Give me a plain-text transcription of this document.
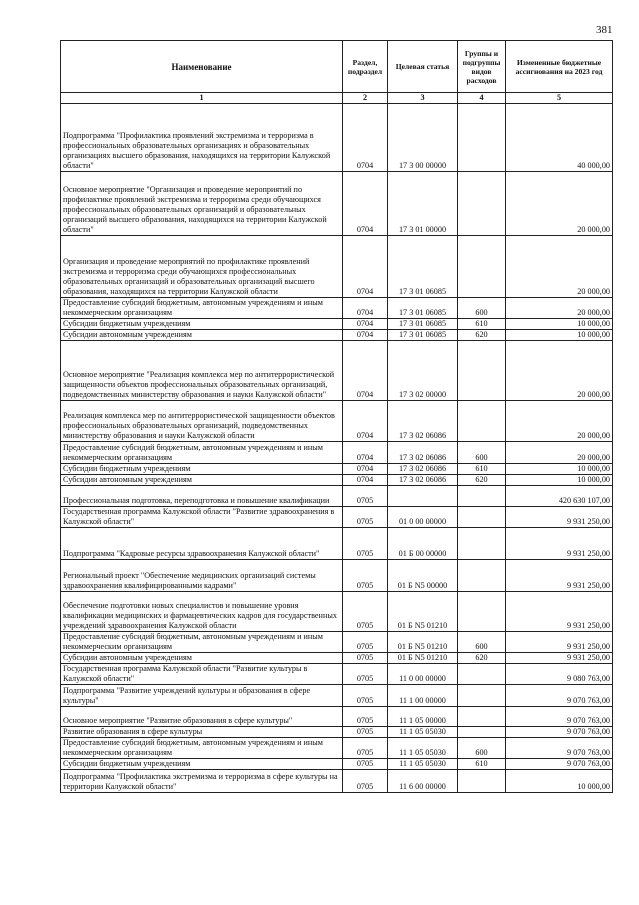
381
Наименование	Раздел, подраздел	Целевая статья	Группы и подгруппы видов расходов	Измененные бюджетные ассигнования на 2023 год
1	2	3	4	5
Подпрограмма "Профилактика проявлений экстремизма и терроризма в профессиональных образовательных организациях и образовательных организациях высшего образования, находящихся на территории Калужской области"	0704	17 3 00 00000		40 000,00
Основное мероприятие "Организация и проведение мероприятий по профилактике проявлений экстремизма и терроризма среди обучающихся профессиональных образовательных организаций и образовательных организаций высшего образования, находящихся на территории Калужской области"	0704	17 3 01 00000		20 000,00
Организация и проведение мероприятий по профилактике проявлений экстремизма и терроризма среди обучающихся профессиональных образовательных организаций и образовательных организаций высшего образования, находящихся на территории Калужской области	0704	17 3 01 06085		20 000,00
Предоставление субсидий бюджетным, автономным учреждениям и иным некоммерческим организациям	0704	17 3 01 06085	600	20 000,00
Субсидии бюджетным учреждениям	0704	17 3 01 06085	610	10 000,00
Субсидии автономным учреждениям	0704	17 3 01 06085	620	10 000,00
Основное мероприятие "Реализация комплекса мер по антитеррористической защищенности объектов профессиональных образовательных организаций, подведомственных министерству образования и науки Калужской области"	0704	17 3 02 00000		20 000,00
Реализация комплекса мер по антитеррористической защищенности объектов профессиональных образовательных организаций, подведомственных министерству образования и науки Калужской области	0704	17 3 02 06086		20 000,00
Предоставление субсидий бюджетным, автономным учреждениям и иным некоммерческим организациям	0704	17 3 02 06086	600	20 000,00
Субсидии бюджетным учреждениям	0704	17 3 02 06086	610	10 000,00
Субсидии автономным учреждениям	0704	17 3 02 06086	620	10 000,00
Профессиональная подготовка, переподготовка и повышение квалификации	0705			420 630 107,00
Государственная программа Калужской области "Развитие здравоохранения в Калужской области"	0705	01 0 00 00000		9 931 250,00
Подпрограмма "Кадровые ресурсы здравоохранения Калужской области"	0705	01 Б 00 00000		9 931 250,00
Региональный проект "Обеспечение медицинских организаций системы здравоохранения квалифицированными кадрами"	0705	01 Б N5 00000		9 931 250,00
Обеспечение подготовки новых специалистов и повышение уровня квалификации медицинских и фармацевтических кадров для государственных учреждений здравоохранения Калужской области	0705	01 Б N5 01210		9 931 250,00
Предоставление субсидий бюджетным, автономным учреждениям и иным некоммерческим организациям	0705	01 Б N5 01210	600	9 931 250,00
Субсидии автономным учреждениям	0705	01 Б N5 01210	620	9 931 250,00
Государственная программа Калужской области "Развитие культуры в Калужской области"	0705	11 0 00 00000		9 080 763,00
Подпрограмма "Развитие учреждений культуры и образования в сфере культуры"	0705	11 1 00 00000		9 070 763,00
Основное мероприятие "Развитие образования в сфере культуры"	0705	11 1 05 00000		9 070 763,00
Развитие образования в сфере культуры	0705	11 1 05 05030		9 070 763,00
Предоставление субсидий бюджетным, автономным учреждениям и иным некоммерческим организациям	0705	11 1 05 05030	600	9 070 763,00
Субсидии бюджетным учреждениям	0705	11 1 05 05030	610	9 070 763,00
Подпрограмма "Профилактика экстремизма и терроризма в сфере культуры на территории Калужской области"	0705	11 6 00 00000		10 000,00
